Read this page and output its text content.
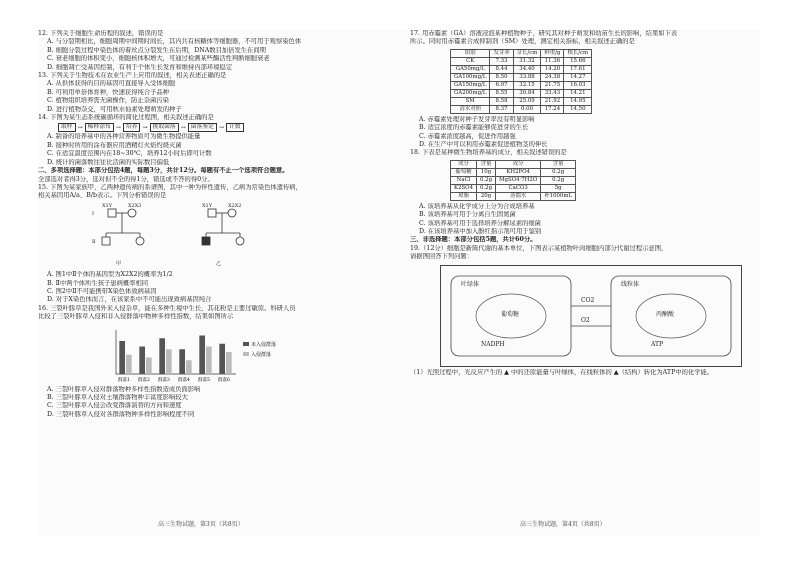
12. 下列关于细胞生命历程的叙述，错误的是

A. 与分裂期相比，细胞周期中间期时间长，其内共有核糖体等细胞器，不可用于观察染色体

B. 细胞分裂过程中染色体的着丝点分裂发生在后期，DNA数目加倍发生在间期

C. 衰老细胞的体积变小，细胞核体积增大，可通过检测某些酶活性判断细胞衰老

D. 细胞凋亡受基因控制，有利于个体生长发育和维持内部环境稳定

13. 下列关于生物技术在农业生产上应用的叙述，相关表述正确的是

A. 从供体获得的目的基因可直接导入受体细胞

B. 可利用单倍体育种，快速获得纯合子品种

C. 植物组织培养需无菌操作，防止杂菌污染

D. 进行植物杂交，可用秋水仙素处理萌发的种子

14. 下图为某生态系统碳循环的简化过程图，相关叙述正确的是

取样 → 稀释涂布 → 培养 → 挑取菌落 → 菌落鉴定 → 计数

A. 制备的培养基中的各种营养物质可为微生物提供能量

B. 接种时所用的涂布器应用酒精灯火焰灼烧灭菌

C. 在适宜温度范围内在18~30℃，培养12小时后即可计数

D. 统计的菌落数往往比活菌的实际数目偏低

二、多项选择题：本部分包括4题，每题3分，共计12分。每题有不止一个选项符合题意。

全部选对者得3分，选对但不全的得1分，错选或不答的得0分。

15. 下图为某家族甲、乙两种遗传病的系谱图，其中一种为伴性遗传，乙病为常染色体遗传病，

相关基因用A/a、B/b表示。下列分析错误的是

X1Y	X2X3	X1Y	X2X2
Ⅰ
Ⅱ
甲	乙

A. 图1中Ⅱ个体的基因型为X2X2的概率为1/2

B. Ⅱ中两个体所生孩子患病概率相同

C. 图2中Ⅱ不可能携带X染色体致病基因

D. 对于X染色体而言，在该家系中不可能出现致病基因纯合

16. 三裂叶豚草是我国外来入侵杂草，能在多种生境中生长，其花粉是主要过敏原。科研人员

比较了三裂叶豚草入侵和非入侵群落中物种多样性指数，结果如图所示

群落1 群落2 群落3 群落4 群落5 群落6
未入侵群落
入侵群落

A. 三裂叶豚草入侵对群落物种多样性指数造成负面影响

B. 三裂叶豚草入侵对土壤群落物种丰富度影响较大

C. 三裂叶豚草入侵会改变群落演替的方向和速度

D. 三裂叶豚草入侵对各群落物种多样性影响程度不同

高三生物试题，第3页（共8页）

17. 用赤霉素（GA）溶液浸泡某种植物种子，研究其对种子萌发和幼苗生长的影响，结果如下表

所示。同时用赤霉素合成抑制剂（SM）处理，测定相关指标，相关叙述正确的是

组别	发芽率	芽长/cm	鲜重/g	根长/cm
CK	7.33	31.32	11.36	15.66
GA50mg/L	8.44	34.40	14.20	17.61
GA100mg/L	8.50	33.88	24.38	14.27
GA150mg/L	6.97	32.15	21.75	16.03
GA200mg/L	8.55	30.84	33.43	14.21
SM	8.58	25.09	21.92	14.95
清水对照	8.37	0.00	17.24	14.50

A. 赤霉素处理对种子发芽率没有明显影响

B. 适宜浓度的赤霉素能够促进芽的生长

C. 赤霉素浓度越高，促进作用越强

D. 在生产中可以利用赤霉素促进植物茎的伸长

18. 下表是某种微生物培养基的成分，相关叙述错误的是

成分	含量	成分	含量
葡萄糖	10g	KH2PO4	0.2g
NaCl	0.2g	MgSO4·7H2O	0.2g
K2SO4	0.2g	CaCO3	5g
琼脂	20g	蒸馏水	补1000mL

A. 该培养基从化学成分上分为合成培养基

B. 该培养基可用于分离自生固氮菌

C. 该培养基可用于选择培养分解尿素的细菌

D. 在该培养基中加入酚红指示剂可用于鉴别

三、非选择题：本部分包括5题，共计60分。

19.（12分）细胞是新陈代谢的基本单位，下图表示某植物叶肉细胞内部分代谢过程示意图，

请据图回答下列问题：

叶绿体	线粒体
CO2
O2
ATP
NADPH
葡萄糖	丙酮酸

（1）光照过程中，光反应产生的 ▲ 中的还原能量与叶绿体，在线粒体的 ▲（结构）转化为ATP中的化学能。

高三生物试题，第4页（共8页）
